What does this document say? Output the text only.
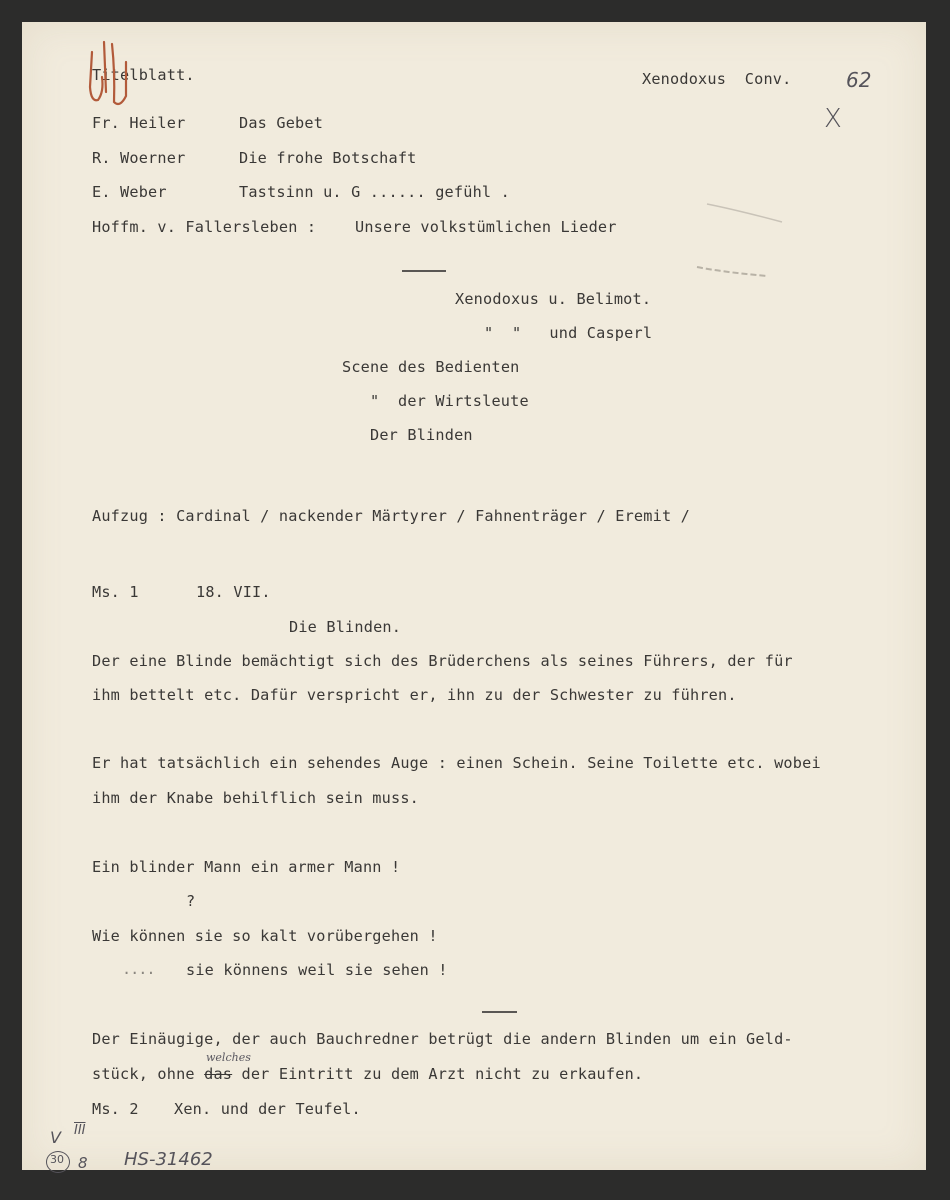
Titelblatt.	Xenodoxus  Conv.	62
X
Fr. Heiler	Das Gebet
R. Woerner	Die frohe Botschaft
E. Weber	Tastsinn u. G ...... gefühl .
Hoffm. v. Fallersleben :	Unsere volkstümlichen Lieder
Xenodoxus u. Belimot.
"  "   und Casperl
Scene des Bedienten
"  der Wirtsleute
Der Blinden
Aufzug : Cardinal / nackender Märtyrer / Fahnenträger / Eremit /
Ms. 1	18. VII.
Die Blinden.
Der eine Blinde bemächtigt sich des Brüderchens als seines Führers, der für
ihm bettelt etc. Dafür verspricht er, ihn zu der Schwester zu führen.
Er hat tatsächlich ein sehendes Auge : einen Schein. Seine Toilette etc. wobei
ihm der Knabe behilflich sein muss.
Ein blinder Mann ein armer Mann !
?
Wie können sie so kalt vorübergehen !
.... sie könnens weil sie sehen !
Der Einäugige, der auch Bauchredner betrügt die andern Blinden um ein Geld-
welches
stück, ohne das der Eintritt zu dem Arzt nicht zu erkaufen.
Ms. 2 Xen. und der Teufel.
V $\overline{III}$
30 8 HS-31462
